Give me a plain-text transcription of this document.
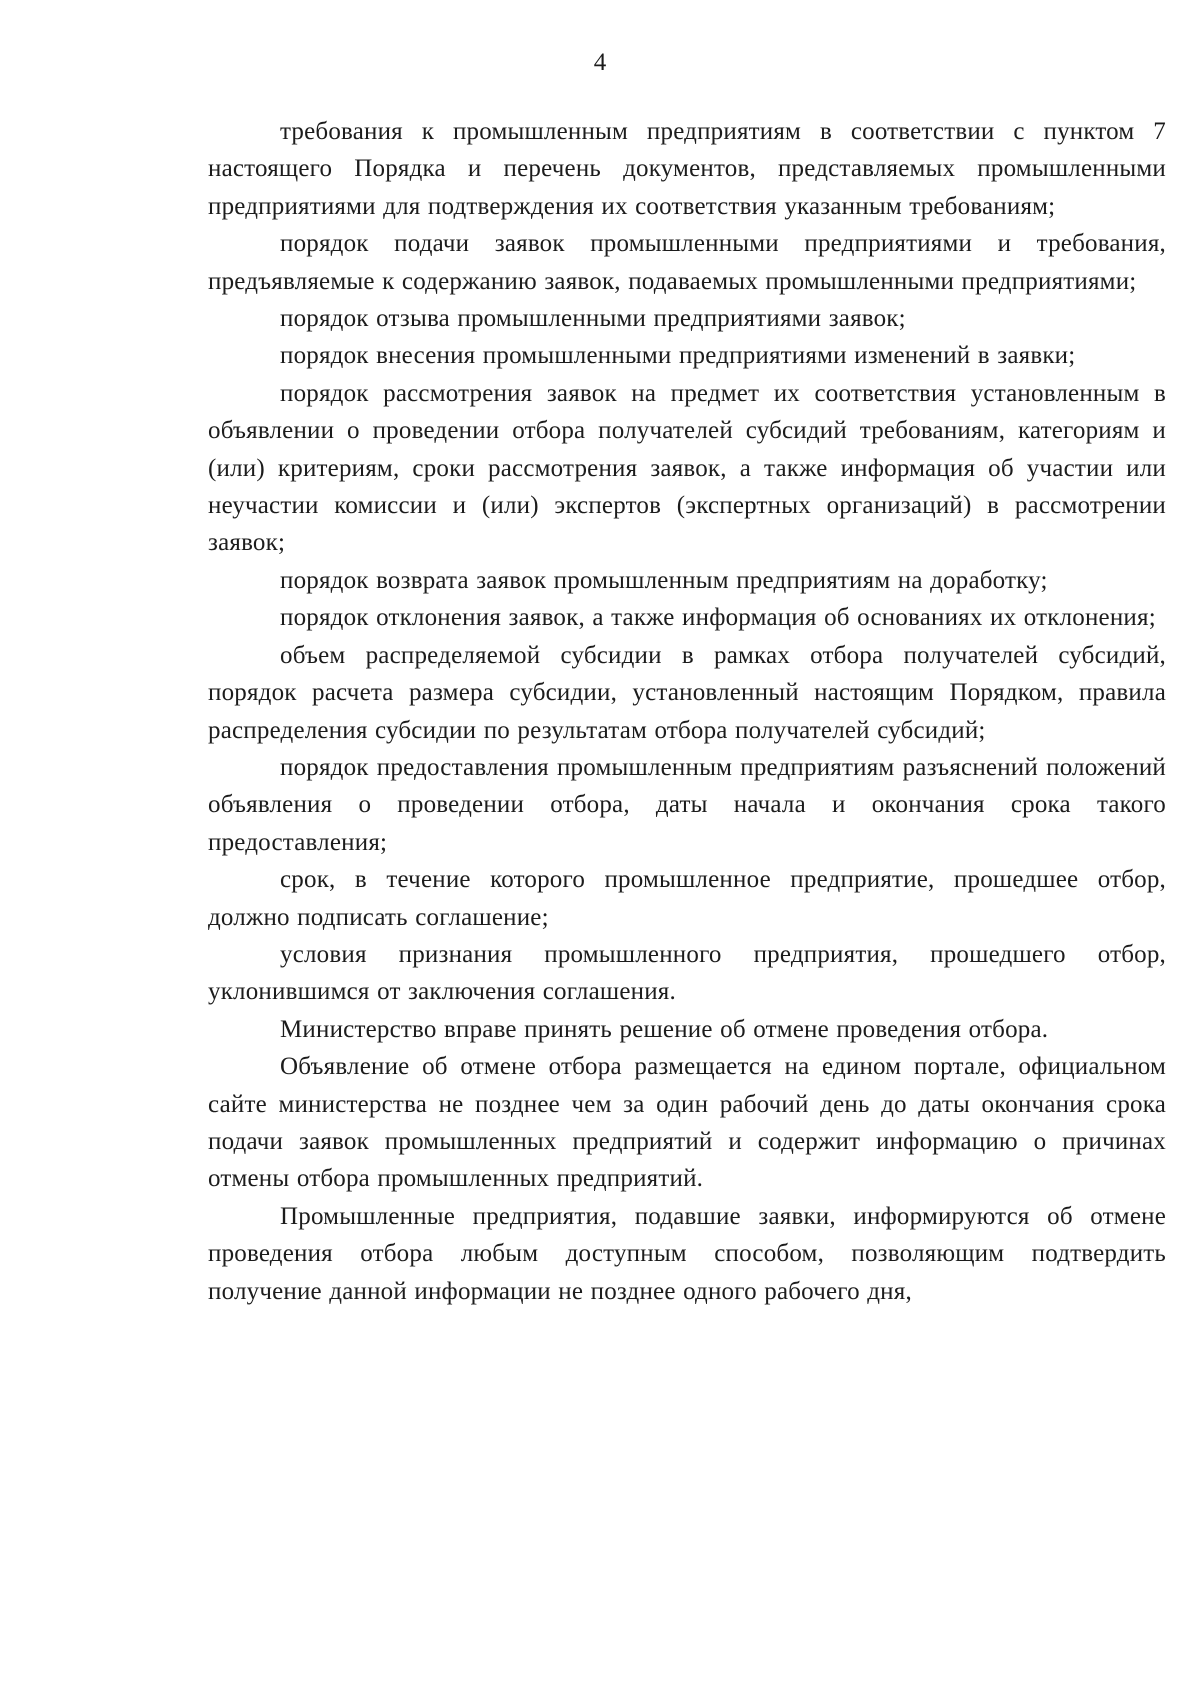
4

требования к промышленным предприятиям в соответствии с пунктом 7 настоящего Порядка и перечень документов, представляемых промышленными предприятиями для подтверждения их соответствия указанным требованиям;

порядок подачи заявок промышленными предприятиями и требования, предъявляемые к содержанию заявок, подаваемых промышленными предприятиями;

порядок отзыва промышленными предприятиями заявок;

порядок внесения промышленными предприятиями изменений в заявки;

порядок рассмотрения заявок на предмет их соответствия установленным в объявлении о проведении отбора получателей субсидий требованиям, категориям и (или) критериям, сроки рассмотрения заявок, а также информация об участии или неучастии комиссии и (или) экспертов (экспертных организаций) в рассмотрении заявок;

порядок возврата заявок промышленным предприятиям на доработку;

порядок отклонения заявок, а также информация об основаниях их отклонения;

объем распределяемой субсидии в рамках отбора получателей субсидий, порядок расчета размера субсидии, установленный настоящим Порядком, правила распределения субсидии по результатам отбора получателей субсидий;

порядок предоставления промышленным предприятиям разъяснений положений объявления о проведении отбора, даты начала и окончания срока такого предоставления;

срок, в течение которого промышленное предприятие, прошедшее отбор, должно подписать соглашение;

условия признания промышленного предприятия, прошедшего отбор, уклонившимся от заключения соглашения.

Министерство вправе принять решение об отмене проведения отбора.

Объявление об отмене отбора размещается на едином портале, официальном сайте министерства не позднее чем за один рабочий день до даты окончания срока подачи заявок промышленных предприятий и содержит информацию о причинах отмены отбора промышленных предприятий.

Промышленные предприятия, подавшие заявки, информируются об отмене проведения отбора любым доступным способом, позволяющим подтвердить получение данной информации не позднее одного рабочего дня,
